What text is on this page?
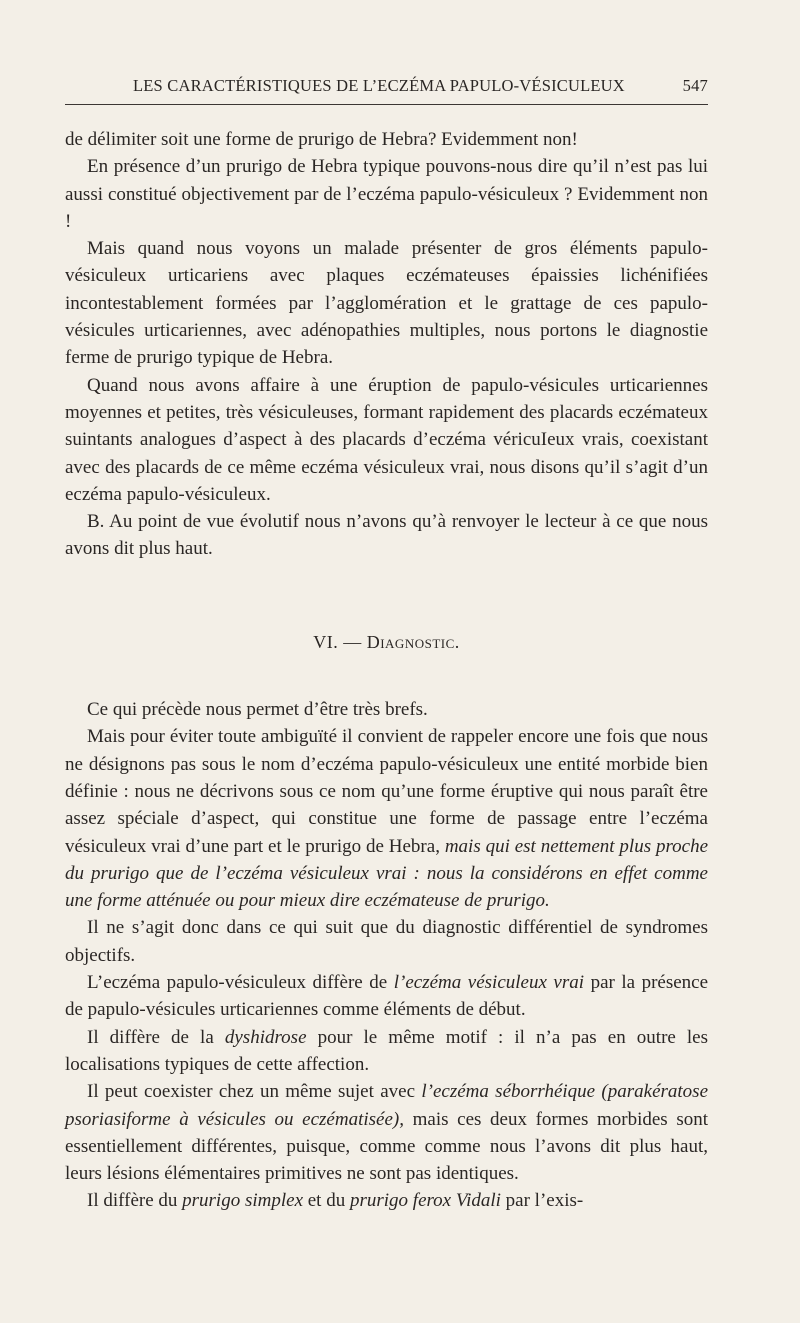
LES CARACTÉRISTIQUES DE L’ECZÉMA PAPULO-VÉSICULEUX	547

de délimiter soit une forme de prurigo de Hebra? Evidemment non!

En présence d’un prurigo de Hebra typique pouvons-nous dire qu’il n’est pas lui aussi constitué objectivement par de l’eczéma papulo-vésiculeux ? Evidemment non !

Mais quand nous voyons un malade présenter de gros éléments papulo-vésiculeux urticariens avec plaques eczémateuses épaissies lichénifiées incontestablement formées par l’agglomération et le grattage de ces papulo-vésicules urticariennes, avec adénopathies multiples, nous portons le diagnostie ferme de prurigo typique de Hebra.

Quand nous avons affaire à une éruption de papulo-vésicules urticariennes moyennes et petites, très vésiculeuses, formant rapidement des placards eczémateux suintants analogues d’aspect à des placards d’eczéma véricuIeux vrais, coexistant avec des placards de ce même eczéma vésiculeux vrai, nous disons qu’il s’agit d’un eczéma papulo-vésiculeux.

B. Au point de vue évolutif nous n’avons qu’à renvoyer le lecteur à ce que nous avons dit plus haut.

VI. — Diagnostic.

Ce qui précède nous permet d’être très brefs.

Mais pour éviter toute ambiguïté il convient de rappeler encore une fois que nous ne désignons pas sous le nom d’eczéma papulo-vésiculeux une entité morbide bien définie : nous ne décrivons sous ce nom qu’une forme éruptive qui nous paraît être assez spéciale d’aspect, qui constitue une forme de passage entre l’eczéma vésiculeux vrai d’une part et le prurigo de Hebra, mais qui est nettement plus proche du prurigo que de l’eczéma vésiculeux vrai : nous la considérons en effet comme une forme atténuée ou pour mieux dire eczémateuse de prurigo.

Il ne s’agit donc dans ce qui suit que du diagnostic différentiel de syndromes objectifs.

L’eczéma papulo-vésiculeux diffère de l’eczéma vésiculeux vrai par la présence de papulo-vésicules urticariennes comme éléments de début.

Il diffère de la dyshidrose pour le même motif : il n’a pas en outre les localisations typiques de cette affection.

Il peut coexister chez un même sujet avec l’eczéma séborrhéique (parakératose psoriasiforme à vésicules ou eczématisée), mais ces deux formes morbides sont essentiellement différentes, puisque, comme comme nous l’avons dit plus haut, leurs lésions élémentaires primitives ne sont pas identiques.

Il diffère du prurigo simplex et du prurigo ferox Vidali par l’exis-
